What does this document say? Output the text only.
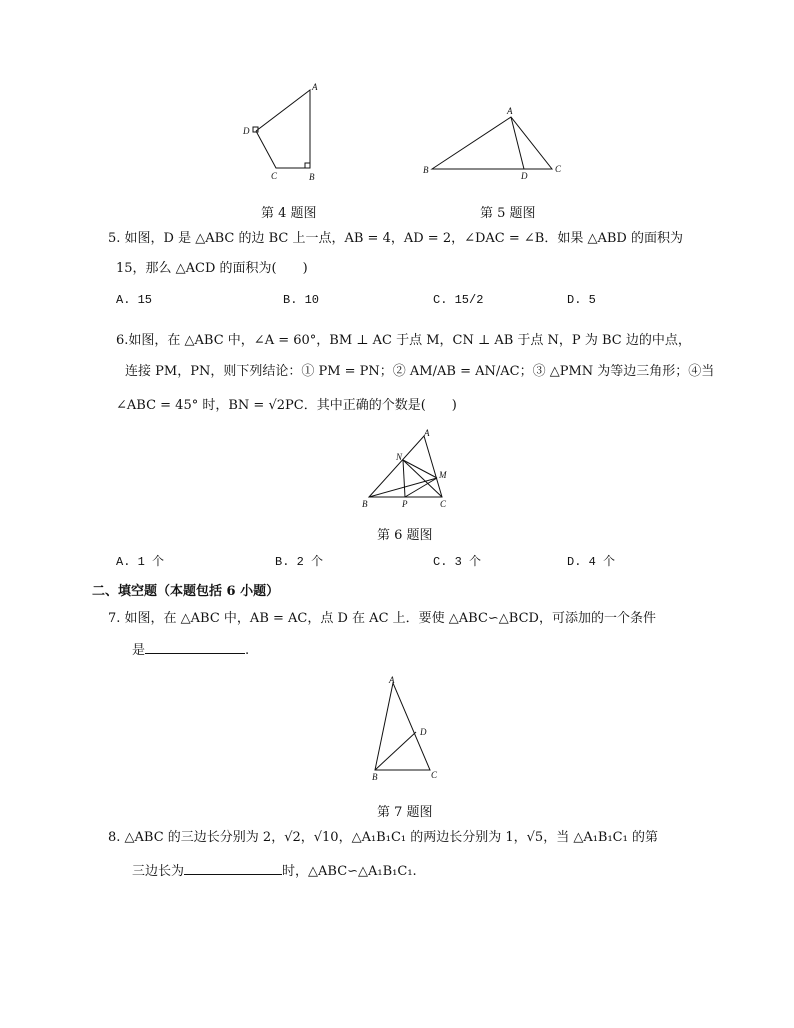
A
D
C	B
第 4 题图
A
B
D
C
第 5 题图
5. 如图，D 是 △ABC 的边 BC 上一点，AB = 4，AD = 2，∠DAC = ∠B．如果 △ABD 的面积为
15，那么 △ACD 的面积为(　　)
A. 15	B. 10	C. 15/2	D. 5
6.如图，在 △ABC 中，∠A = 60°，BM ⊥ AC 于点 M，CN ⊥ AB 于点 N，P 为 BC 边的中点，
连接 PM，PN，则下列结论：① PM = PN；② AM/AB = AN/AC；③ △PMN 为等边三角形；④当
∠ABC = 45° 时，BN = √2PC．其中正确的个数是(　　)
A
N
M
B	P	C
第 6 题图
A. 1 个	B. 2 个	C. 3 个	D. 4 个
二、填空题（本题包括 6 小题）
7. 如图，在 △ABC 中，AB = AC，点 D 在 AC 上．要使 △ABC∽△BCD，可添加的一个条件
是	.
A
D
B	C
第 7 题图
8. △ABC 的三边长分别为 2，√2，√10，△A₁B₁C₁ 的两边长分别为 1，√5，当 △A₁B₁C₁ 的第
三边长为	时，△ABC∽△A₁B₁C₁.
